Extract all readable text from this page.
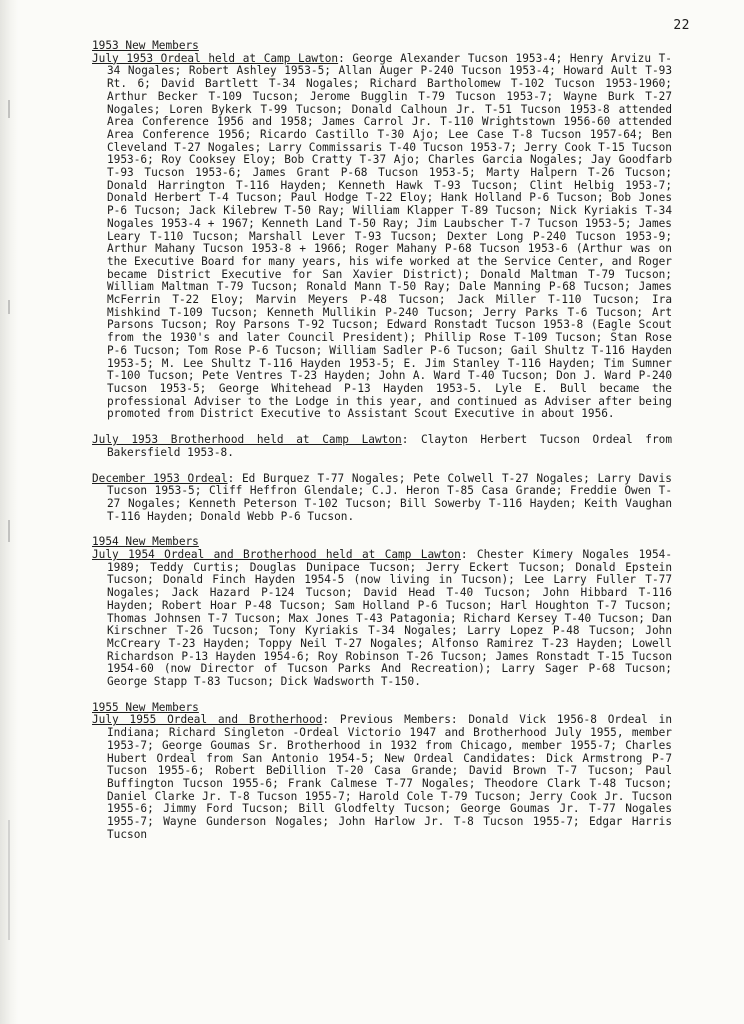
22
1953 New Members

July 1953 Ordeal held at Camp Lawton: George Alexander Tucson 1953-4; Henry Arvizu T-34 Nogales; Robert Ashley 1953-5; Allan Auger P-240 Tucson 1953-4; Howard Ault T-93 Rt. 6; David Bartlett T-34 Nogales; Richard Bartholomew T-102 Tucson 1953-1960; Arthur Becker T-109 Tucson; Jerome Bugglin T-79 Tucson 1953-7; Wayne Burk T-27 Nogales; Loren Bykerk T-99 Tucson; Donald Calhoun Jr. T-51 Tucson 1953-8 attended Area Conference 1956 and 1958; James Carrol Jr. T-110 Wrightstown 1956-60 attended Area Conference 1956; Ricardo Castillo T-30 Ajo; Lee Case T-8 Tucson 1957-64; Ben Cleveland T-27 Nogales; Larry Commissaris T-40 Tucson 1953-7; Jerry Cook T-15 Tucson 1953-6; Roy Cooksey Eloy; Bob Cratty T-37 Ajo; Charles Garcia Nogales; Jay Goodfarb T-93 Tucson 1953-6; James Grant P-68 Tucson 1953-5; Marty Halpern T-26 Tucson; Donald Harrington T-116 Hayden; Kenneth Hawk T-93 Tucson; Clint Helbig 1953-7; Donald Herbert T-4 Tucson; Paul Hodge T-22 Eloy; Hank Holland P-6 Tucson; Bob Jones P-6 Tucson; Jack Kilebrew T-50 Ray; William Klapper T-89 Tucson; Nick Kyriakis T-34 Nogales 1953-4 + 1967; Kenneth Land T-50 Ray; Jim Laubscher T-7 Tucson 1953-5; James Leary T-110 Tucson; Marshall Lever T-93 Tucson; Dexter Long P-240 Tucson 1953-9; Arthur Mahany Tucson 1953-8 + 1966; Roger Mahany P-68 Tucson 1953-6 (Arthur was on the Executive Board for many years, his wife worked at the Service Center, and Roger became District Executive for San Xavier District); Donald Maltman T-79 Tucson; William Maltman T-79 Tucson; Ronald Mann T-50 Ray; Dale Manning P-68 Tucson; James McFerrin T-22 Eloy; Marvin Meyers P-48 Tucson; Jack Miller T-110 Tucson; Ira Mishkind T-109 Tucson; Kenneth Mullikin P-240 Tucson; Jerry Parks T-6 Tucson; Art Parsons Tucson; Roy Parsons T-92 Tucson; Edward Ronstadt Tucson 1953-8 (Eagle Scout from the 1930's and later Council President); Phillip Rose T-109 Tucson; Stan Rose P-6 Tucson; Tom Rose P-6 Tucson; William Sadler P-6 Tucson; Gail Shultz T-116 Hayden 1953-5; M. Lee Shultz T-116 Hayden 1953-5; E. Jim Stanley T-116 Hayden; Tim Sumner T-100 Tucson; Pete Ventres T-23 Hayden; John A. Ward T-40 Tucson; Don J. Ward P-240 Tucson 1953-5; George Whitehead P-13 Hayden 1953-5. Lyle E. Bull became the professional Adviser to the Lodge in this year, and continued as Adviser after being promoted from District Executive to Assistant Scout Executive in about 1956.

July 1953 Brotherhood held at Camp Lawton: Clayton Herbert Tucson Ordeal from Bakersfield 1953-8.

December 1953 Ordeal: Ed Burquez T-77 Nogales; Pete Colwell T-27 Nogales; Larry Davis Tucson 1953-5; Cliff Heffron Glendale; C.J. Heron T-85 Casa Grande; Freddie Owen T-27 Nogales; Kenneth Peterson T-102 Tucson; Bill Sowerby T-116 Hayden; Keith Vaughan T-116 Hayden; Donald Webb P-6 Tucson.

1954 New Members

July 1954 Ordeal and Brotherhood held at Camp Lawton: Chester Kimery Nogales 1954-1989; Teddy Curtis; Douglas Dunipace Tucson; Jerry Eckert Tucson; Donald Epstein Tucson; Donald Finch Hayden 1954-5 (now living in Tucson); Lee Larry Fuller T-77 Nogales; Jack Hazard P-124 Tucson; David Head T-40 Tucson; John Hibbard T-116 Hayden; Robert Hoar P-48 Tucson; Sam Holland P-6 Tucson; Harl Houghton T-7 Tucson; Thomas Johnsen T-7 Tucson; Max Jones T-43 Patagonia; Richard Kersey T-40 Tucson; Dan Kirschner T-26 Tucson; Tony Kyriakis T-34 Nogales; Larry Lopez P-48 Tucson; John McCreary T-23 Hayden; Toppy Neil T-27 Nogales; Alfonso Ramirez T-23 Hayden; Lowell Richardson P-13 Hayden 1954-6; Roy Robinson T-26 Tucson; James Ronstadt T-15 Tucson 1954-60 (now Director of Tucson Parks And Recreation); Larry Sager P-68 Tucson; George Stapp T-83 Tucson; Dick Wadsworth T-150.

1955 New Members

July 1955 Ordeal and Brotherhood: Previous Members: Donald Vick 1956-8 Ordeal in Indiana; Richard Singleton -Ordeal Victorio 1947 and Brotherhood July 1955, member 1953-7; George Goumas Sr. Brotherhood in 1932 from Chicago, member 1955-7; Charles Hubert Ordeal from San Antonio 1954-5; New Ordeal Candidates: Dick Armstrong P-7 Tucson 1955-6; Robert BeDillion T-20 Casa Grande; David Brown T-7 Tucson; Paul Buffington Tucson 1955-6; Frank Calmese T-77 Nogales; Theodore Clark T-48 Tucson; Daniel Clarke Jr. T-8 Tucson 1955-7; Harold Cole T-79 Tucson; Jerry Cook Jr. Tucson 1955-6; Jimmy Ford Tucson; Bill Glodfelty Tucson; George Goumas Jr. T-77 Nogales 1955-7; Wayne Gunderson Nogales; John Harlow Jr. T-8 Tucson 1955-7; Edgar Harris Tucson
